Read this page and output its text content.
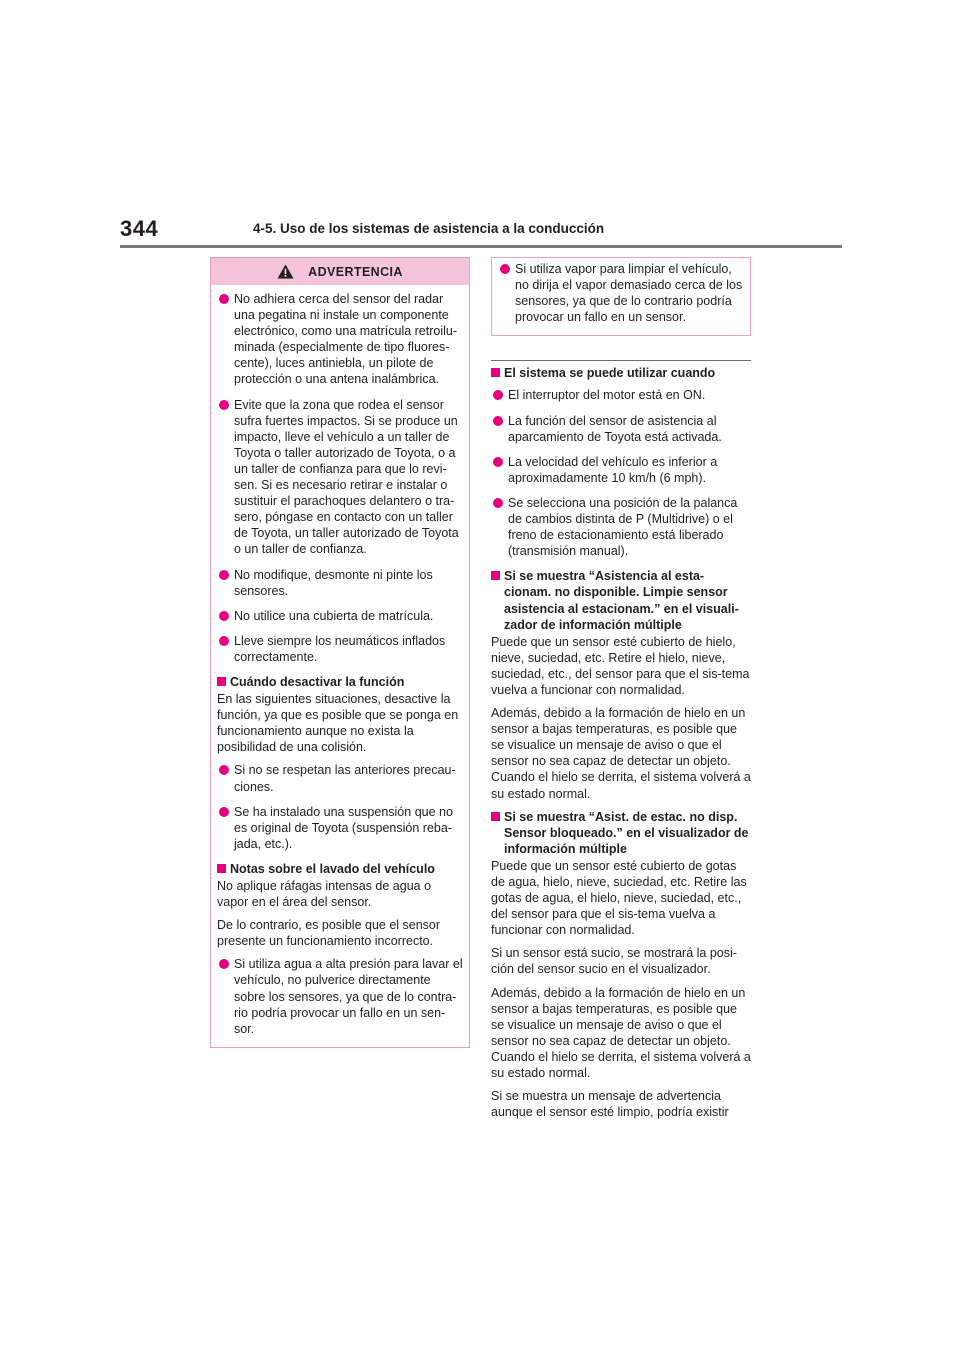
344	4-5. Uso de los sistemas de asistencia a la conducción
ADVERTENCIA
No adhiera cerca del sensor del radar una pegatina ni instale un componente electrónico, como una matrícula retroilu-minada (especialmente de tipo fluores-cente), luces antiniebla, un pilote de protección o una antena inalámbrica.
Evite que la zona que rodea el sensor sufra fuertes impactos. Si se produce un impacto, lleve el vehículo a un taller de Toyota o taller autorizado de Toyota, o a un taller de confianza para que lo revi-sen. Si es necesario retirar e instalar o sustituir el parachoques delantero o tra-sero, póngase en contacto con un taller de Toyota, un taller autorizado de Toyota o un taller de confianza.
No modifique, desmonte ni pinte los sensores.
No utilice una cubierta de matrícula.
Lleve siempre los neumáticos inflados correctamente.
Cuándo desactivar la función
En las siguientes situaciones, desactive la función, ya que es posible que se ponga en funcionamiento aunque no exista la posibilidad de una colisión.
Si no se respetan las anteriores precau-ciones.
Se ha instalado una suspensión que no es original de Toyota (suspensión reba-jada, etc.).
Notas sobre el lavado del vehículo
No aplique ráfagas intensas de agua o vapor en el área del sensor.
De lo contrario, es posible que el sensor presente un funcionamiento incorrecto.
Si utiliza agua a alta presión para lavar el vehículo, no pulverice directamente sobre los sensores, ya que de lo contra-rio podría provocar un fallo en un sen-sor.
Si utiliza vapor para limpiar el vehículo, no dirija el vapor demasiado cerca de los sensores, ya que de lo contrario podría provocar un fallo en un sensor.
El sistema se puede utilizar cuando
El interruptor del motor está en ON.
La función del sensor de asistencia al aparcamiento de Toyota está activada.
La velocidad del vehículo es inferior a aproximadamente 10 km/h (6 mph).
Se selecciona una posición de la palanca de cambios distinta de P (Multidrive) o el freno de estacionamiento está liberado (transmisión manual).
Si se muestra “Asistencia al esta-cionam. no disponible. Limpie sensor asistencia al estacionam.” en el visuali-zador de información múltiple
Puede que un sensor esté cubierto de hielo, nieve, suciedad, etc. Retire el hielo, nieve, suciedad, etc., del sensor para que el sis-tema vuelva a funcionar con normalidad.
Además, debido a la formación de hielo en un sensor a bajas temperaturas, es posible que se visualice un mensaje de aviso o que el sensor no sea capaz de detectar un objeto. Cuando el hielo se derrita, el sistema volverá a su estado normal.
Si se muestra “Asist. de estac. no disp. Sensor bloqueado.” en el visualizador de información múltiple
Puede que un sensor esté cubierto de gotas de agua, hielo, nieve, suciedad, etc. Retire las gotas de agua, el hielo, nieve, suciedad, etc., del sensor para que el sis-tema vuelva a funcionar con normalidad.
Si un sensor está sucio, se mostrará la posi-ción del sensor sucio en el visualizador.
Además, debido a la formación de hielo en un sensor a bajas temperaturas, es posible que se visualice un mensaje de aviso o que el sensor no sea capaz de detectar un objeto. Cuando el hielo se derrita, el sistema volverá a su estado normal.
Si se muestra un mensaje de advertencia aunque el sensor esté limpio, podría existir
